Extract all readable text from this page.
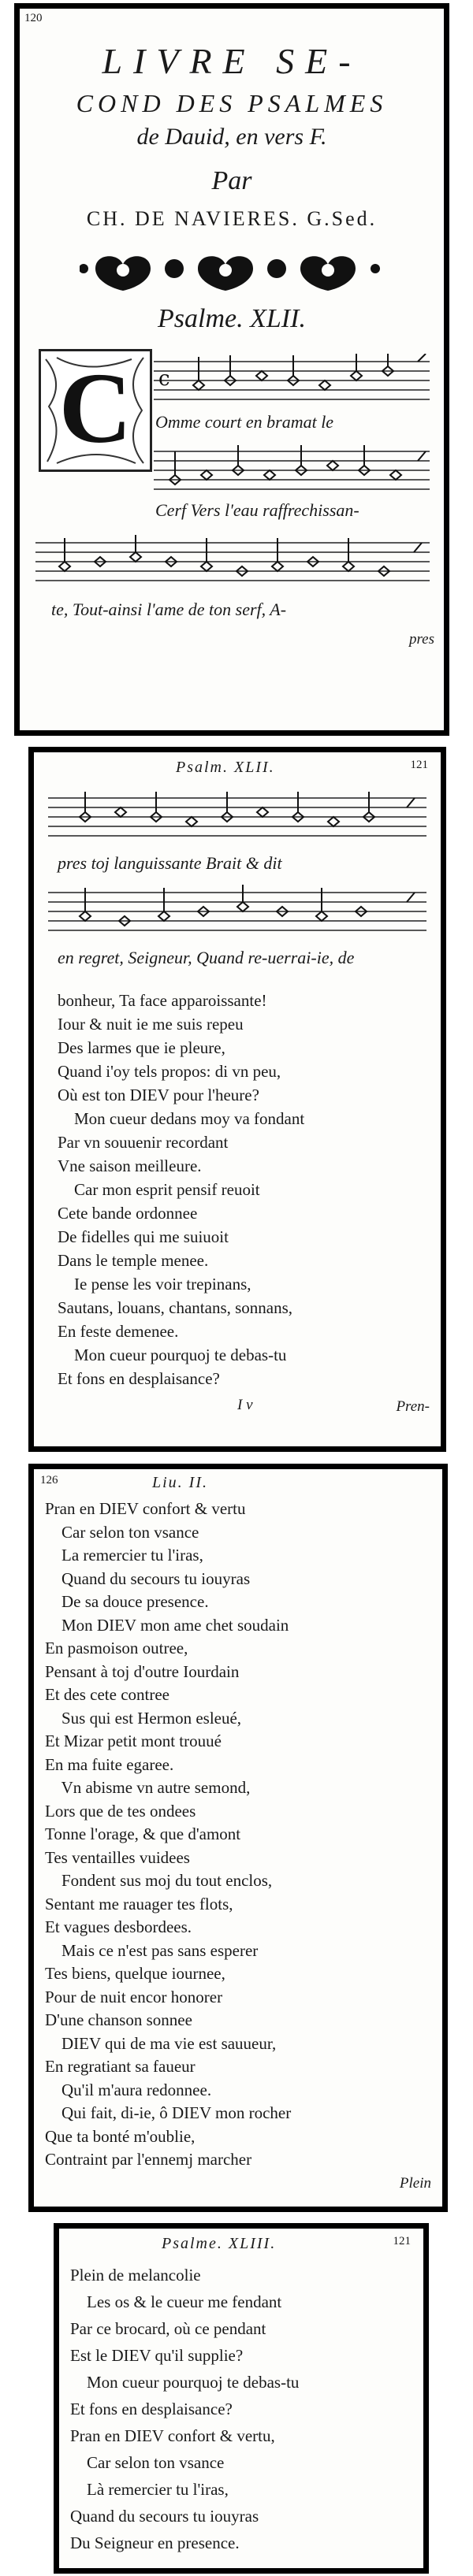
120
LIVRE SE-
COND DES PSALMES
de Dauid, en vers F.
Par
CH. DE NAVIERES. G.Sed.
Psalme. XLII.
C	c
Omme court en bramat le
Cerf Vers l'eau raffrechissan-
te, Tout-ainsi l'ame de ton serf, A-
pres
Psalm. XLII.	121
pres toj languissante Brait & dit
en regret, Seigneur, Quand re-uerrai-ie, de
bonheur, Ta face apparoissante!
Iour & nuit ie me suis repeu
Des larmes que ie pleure,
Quand i'oy tels propos: di vn peu,
Où est ton DIEV pour l'heure?
Mon cueur dedans moy va fondant
Par vn souuenir recordant
Vne saison meilleure.
Car mon esprit pensif reuoit
Cete bande ordonnee
De fidelles qui me suiuoit
Dans le temple menee.
Ie pense les voir trepinans,
Sautans, louans, chantans, sonnans,
En feste demenee.
Mon cueur pourquoj te debas-tu
Et fons en desplaisance?
I v	Pren-
126	Liu. II.
Pran en DIEV confort & vertu
Car selon ton vsance
La remercier tu l'iras,
Quand du secours tu iouyras
De sa douce presence.
Mon DIEV mon ame chet soudain
En pasmoison outree,
Pensant à toj d'outre Iourdain
Et des cete contree
Sus qui est Hermon esleué,
Et Mizar petit mont trouué
En ma fuite egaree.
Vn abisme vn autre semond,
Lors que de tes ondees
Tonne l'orage, & que d'amont
Tes ventailles vuidees
Fondent sus moj du tout enclos,
Sentant me rauager tes flots,
Et vagues desbordees.
Mais ce n'est pas sans esperer
Tes biens, quelque iournee,
Pour de nuit encor honorer
D'une chanson sonnee
DIEV qui de ma vie est sauueur,
En regratiant sa faueur
Qu'il m'aura redonnee.
Qui fait, di-ie, ô DIEV mon rocher
Que ta bonté m'oublie,
Contraint par l'ennemj marcher
Plein
Psalme. XLIII.	121
Plein de melancolie
Les os & le cueur me fendant
Par ce brocard, où ce pendant
Est le DIEV qu'il supplie?
Mon cueur pourquoj te debas-tu
Et fons en desplaisance?
Pran en DIEV confort & vertu,
Car selon ton vsance
Là remercier tu l'iras,
Quand du secours tu iouyras
Du Seigneur en presence.
